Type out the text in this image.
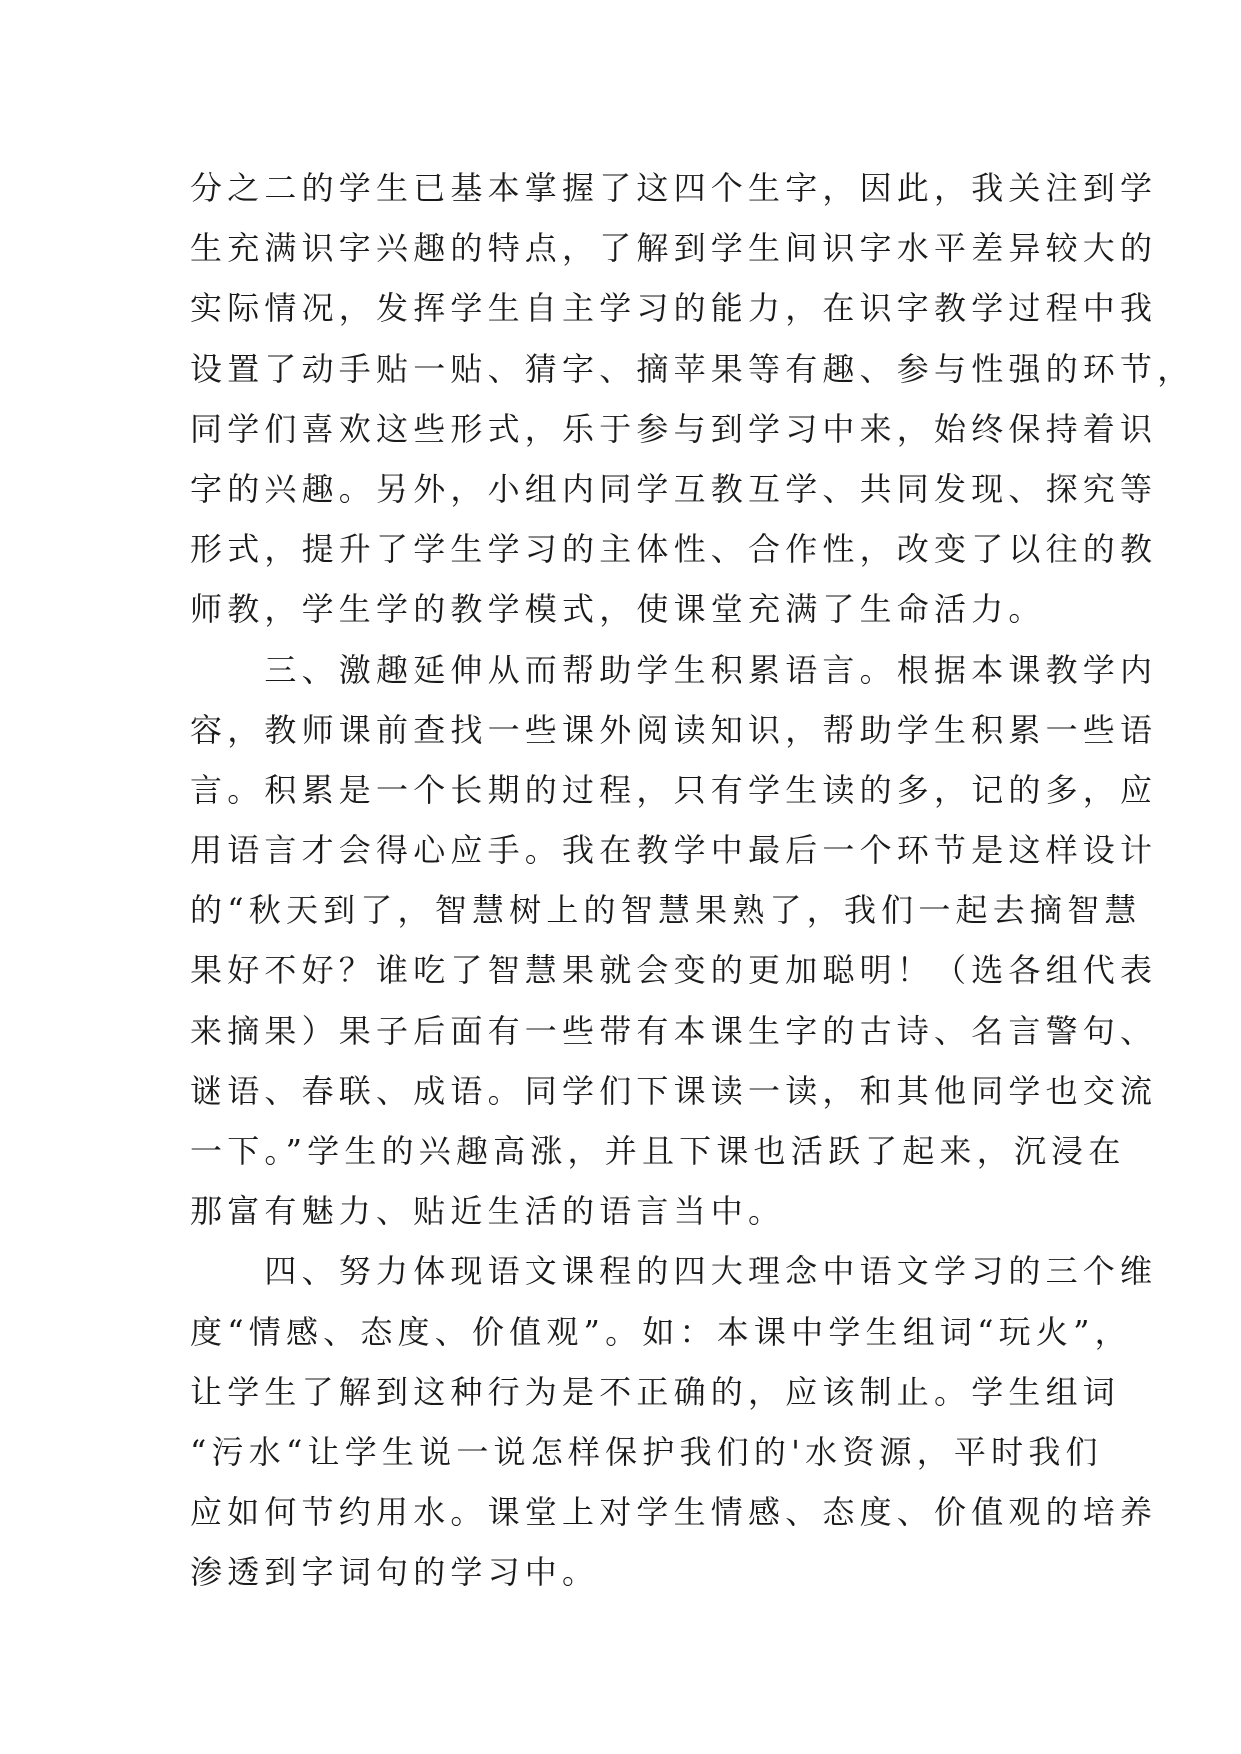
分之二的学生已基本掌握了这四个生字，因此，我关注到学
生充满识字兴趣的特点，了解到学生间识字水平差异较大的
实际情况，发挥学生自主学习的能力，在识字教学过程中我
设置了动手贴一贴、猜字、摘苹果等有趣、参与性强的环节，
同学们喜欢这些形式，乐于参与到学习中来，始终保持着识
字的兴趣。另外，小组内同学互教互学、共同发现、探究等
形式，提升了学生学习的主体性、合作性，改变了以往的教
师教，学生学的教学模式，使课堂充满了生命活力。
　　三、激趣延伸从而帮助学生积累语言。根据本课教学内
容，教师课前查找一些课外阅读知识，帮助学生积累一些语
言。积累是一个长期的过程，只有学生读的多，记的多，应
用语言才会得心应手。我在教学中最后一个环节是这样设计
的“秋天到了，智慧树上的智慧果熟了，我们一起去摘智慧
果好不好？谁吃了智慧果就会变的更加聪明！（选各组代表
来摘果）果子后面有一些带有本课生字的古诗、名言警句、
谜语、春联、成语。同学们下课读一读，和其他同学也交流
一下。”学生的兴趣高涨，并且下课也活跃了起来，沉浸在
那富有魅力、贴近生活的语言当中。
　　四、努力体现语文课程的四大理念中语文学习的三个维
度“情感、态度、价值观”。如：本课中学生组词“玩火”，
让学生了解到这种行为是不正确的，应该制止。学生组词
“污水“让学生说一说怎样保护我们的'水资源，平时我们
应如何节约用水。课堂上对学生情感、态度、价值观的培养
渗透到字词句的学习中。
